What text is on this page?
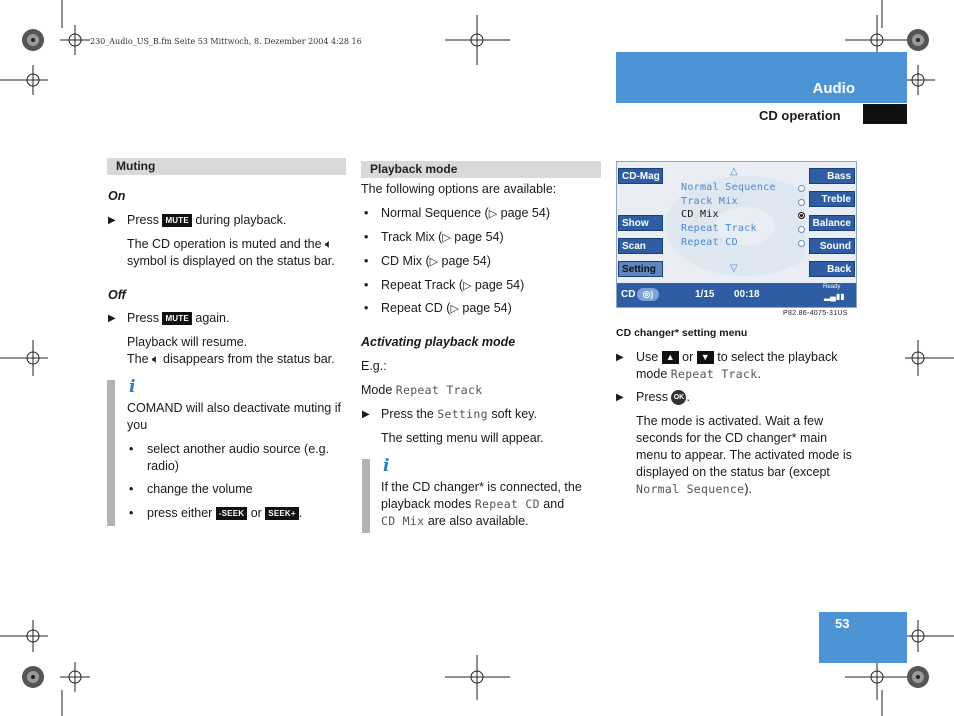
230_Audio_US_B.fm Seite 53 Mittwoch, 8. Dezember 2004 4:28 16
Audio
CD operation
53
Muting
On
▶ Press MUTE during playback.
The CD operation is muted and the 🔈︎
symbol is displayed on the status bar.
Off
▶ Press MUTE again.
Playback will resume.
The 🔈︎ disappears from the status bar.
i
COMAND will also deactivate muting if
you
•	select another audio source (e.g.
radio)
•	change the volume
•	press either -SEEK or SEEK+ .
Playback mode
The following options are available:
•	Normal Sequence (▷ page 54)
•	Track Mix (▷ page 54)
•	CD Mix (▷ page 54)
•	Repeat Track (▷ page 54)
•	Repeat CD (▷ page 54)
Activating playback mode
E.g.:
Mode Repeat Track
▶ Press the Setting soft key.
The setting menu will appear.
i
If the CD changer* is connected, the
playback modes Repeat CD and
CD Mix are also available.
CD-Mag
Show
Scan
Setting
Bass
Treble
Balance
Sound
Back
△
▽
Normal Sequence
Track Mix
CD Mix
Repeat Track
Repeat CD
CD ◎)	1/15 00:18
Ready
▂▄▮▮
P82.86-4075-31US
CD changer* setting menu
▶ Use ▲ or ▼ to select the playback
mode Repeat Track.
▶ Press OK .
The mode is activated. Wait a few
seconds for the CD changer* main
menu to appear. The activated mode is
displayed on the status bar (except
Normal Sequence).
